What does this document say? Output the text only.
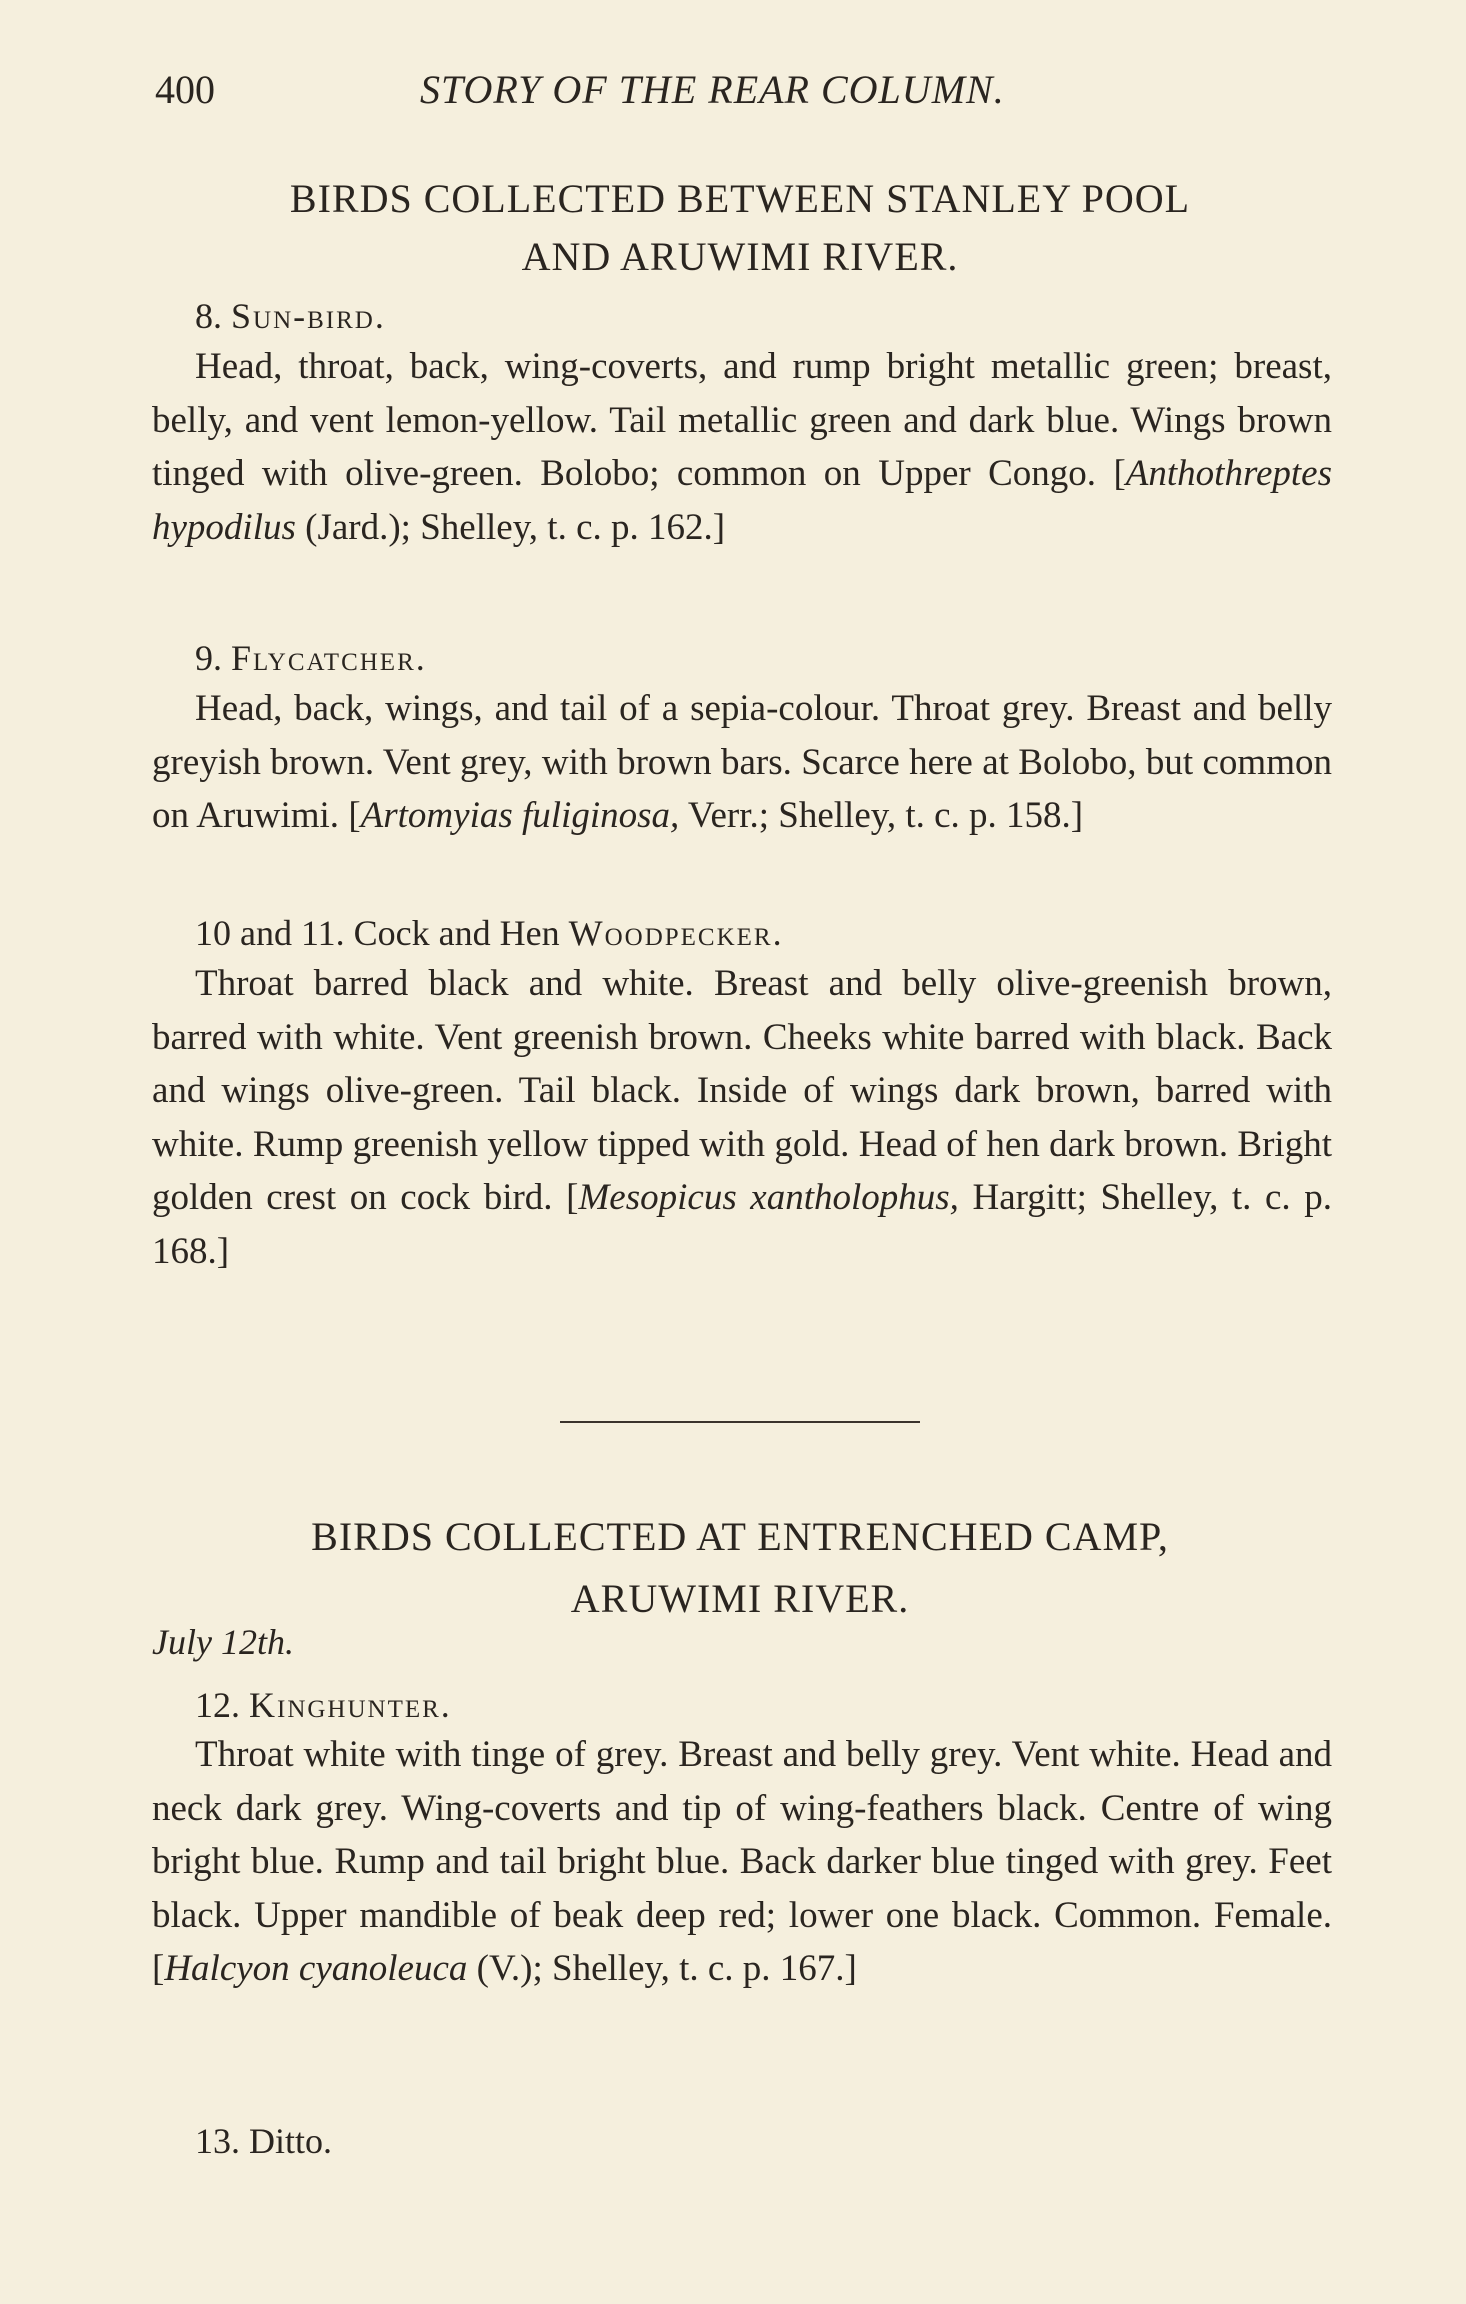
400	STORY OF THE REAR COLUMN.
BIRDS COLLECTED BETWEEN STANLEY POOL
AND ARUWIMI RIVER.
8. Sun-bird.

Head, throat, back, wing-coverts, and rump bright metallic green; breast, belly, and vent lemon-yellow. Tail metallic green and dark blue. Wings brown tinged with olive-green. Bolobo; common on Upper Congo. [Anthothreptes hypodilus (Jard.); Shelley, t. c. p. 162.]

9. Flycatcher.

Head, back, wings, and tail of a sepia-colour. Throat grey. Breast and belly greyish brown. Vent grey, with brown bars. Scarce here at Bolobo, but common on Aruwimi. [Artomyias fuliginosa, Verr.; Shelley, t. c. p. 158.]

10 and 11. Cock and Hen Woodpecker.

Throat barred black and white. Breast and belly olive-greenish brown, barred with white. Vent greenish brown. Cheeks white barred with black. Back and wings olive-green. Tail black. Inside of wings dark brown, barred with white. Rump greenish yellow tipped with gold. Head of hen dark brown. Bright golden crest on cock bird. [Mesopicus xantholophus, Hargitt; Shelley, t. c. p. 168.]

BIRDS COLLECTED AT ENTRENCHED CAMP,
ARUWIMI RIVER.
July 12th.
12. Kinghunter.

Throat white with tinge of grey. Breast and belly grey. Vent white. Head and neck dark grey. Wing-coverts and tip of wing-feathers black. Centre of wing bright blue. Rump and tail bright blue. Back darker blue tinged with grey. Feet black. Upper mandible of beak deep red; lower one black. Common. Female. [Halcyon cyanoleuca (V.); Shelley, t. c. p. 167.]

13. Ditto.
